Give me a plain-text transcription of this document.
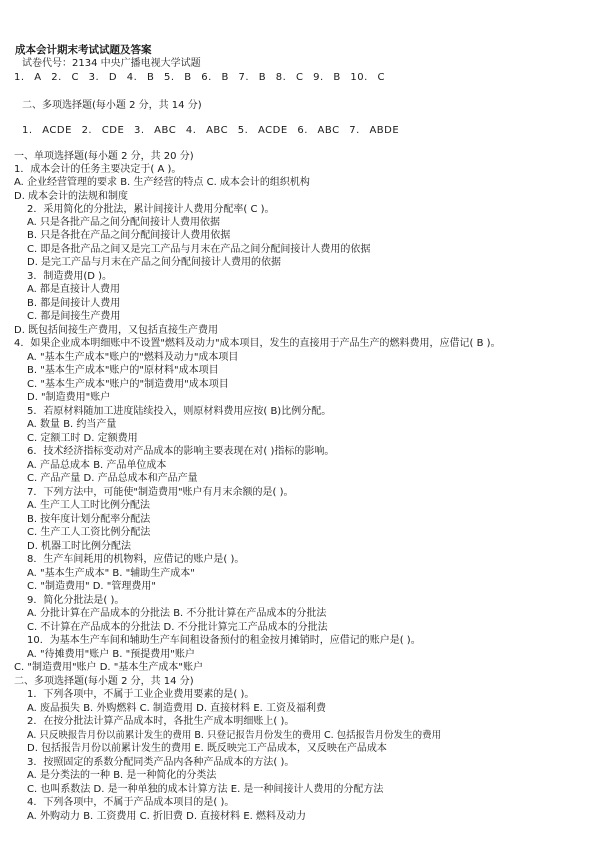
成本会计期末考试试题及答案
试卷代号：2134 中央广播电视大学试题
1. A 2. C 3. D 4. B 5. B 6. B 7. B 8. C 9. B 10. C
二、多项选择题(每小题 2 分，共 14 分)
1. ACDE 2. CDE 3. ABC 4. ABC 5. ACDE 6. ABC 7. ABDE
一、单项选择题(每小题 2 分，共 20 分)
1．成本会计的任务主要决定于( A )。
A. 企业经营管理的要求 B. 生产经营的特点 C. 成本会计的组织机构
D. 成本会计的法规和制度
2．采用简化的分批法，累计间接计人费用分配率( C )。
A. 只是各批产品之间分配间接计人费用依据
B. 只是各批在产品之间分配间接计人费用依据
C. 即是各批产品之间又是完工产品与月末在产品之间分配间接计人费用的依据
D. 是完工产品与月末在产品之间分配间接计人费用的依据
3．制造费用(D )。
A. 都是直接计人费用
B. 都是间接计人费用
C. 都是间接生产费用
D. 既包括间接生产费用，又包括直接生产费用
4．如果企业成本明细账中不设置"燃料及动力"成本项目，发生的直接用于产品生产的燃料费用，应借记( B )。
A. "基本生产成本"账户的"燃料及动力"成本项目
B. "基本生产成本"账户的"原材料"成本项目
C. "基本生产成本"账户的"制造费用"成本项目
D. "制造费用"账户
5．若原材料随加工进度陆续投入，则原材料费用应按( B)比例分配。
A. 数量 B. 约当产量
C. 定额工时 D. 定额费用
6．技术经济指标变动对产品成本的影响主要表现在对( )指标的影响。
A. 产品总成本 B. 产品单位成本
C. 产品产量 D. 产品总成本和产品产量
7．下列方法中，可能使"制造费用"账户有月末余额的是( )。
A. 生产工人工时比例分配法
B. 按年度计划分配率分配法
C. 生产工人工资比例分配法
D. 机器工时比例分配法
8．生产车间耗用的机物料，应借记的账户是( )。
A. "基本生产成本" B. "辅助生产成本"
C. "制造费用" D. "管理费用"
9．简化分批法是( )。
A. 分批计算在产品成本的分批法 B. 不分批计算在产品成本的分批法
C. 不计算在产品成本的分批法 D. 不分批计算完工产品成本的分批法
10．为基本生产车间和辅助生产车间租设备预付的租金按月摊销时，应借记的账户是( )。
A. "待摊费用"账户 B. "预提费用"账户
C. "制造费用"账户 D. "基本生产成本"账户
二、多项选择题(每小题 2 分，共 14 分)
1．下列各项中，不属于工业企业费用要素的是( )。
A. 废品损失 B. 外购燃料 C. 制造费用 D. 直接材料 E. 工资及福利费
2．在按分批法计算产品成本时，各批生产成本明细账上( )。
A. 只反映报告月份以前累计发生的费用 B. 只登记报告月份发生的费用 C. 包括报告月份发生的费用
D. 包括报告月份以前累计发生的费用 E. 既反映完工产品成本，又反映在产品成本
3．按照固定的系数分配同类产品内各种产品成本的方法( )。
A. 是分类法的一种 B. 是一种简化的分类法
C. 也叫系数法 D. 是一种单独的成本计算方法 E. 是一种间接计人费用的分配方法
4．下列各项中，不属于产品成本项目的是( )。
A. 外购动力 B. 工资费用 C. 折旧费 D. 直接材料 E. 燃料及动力
